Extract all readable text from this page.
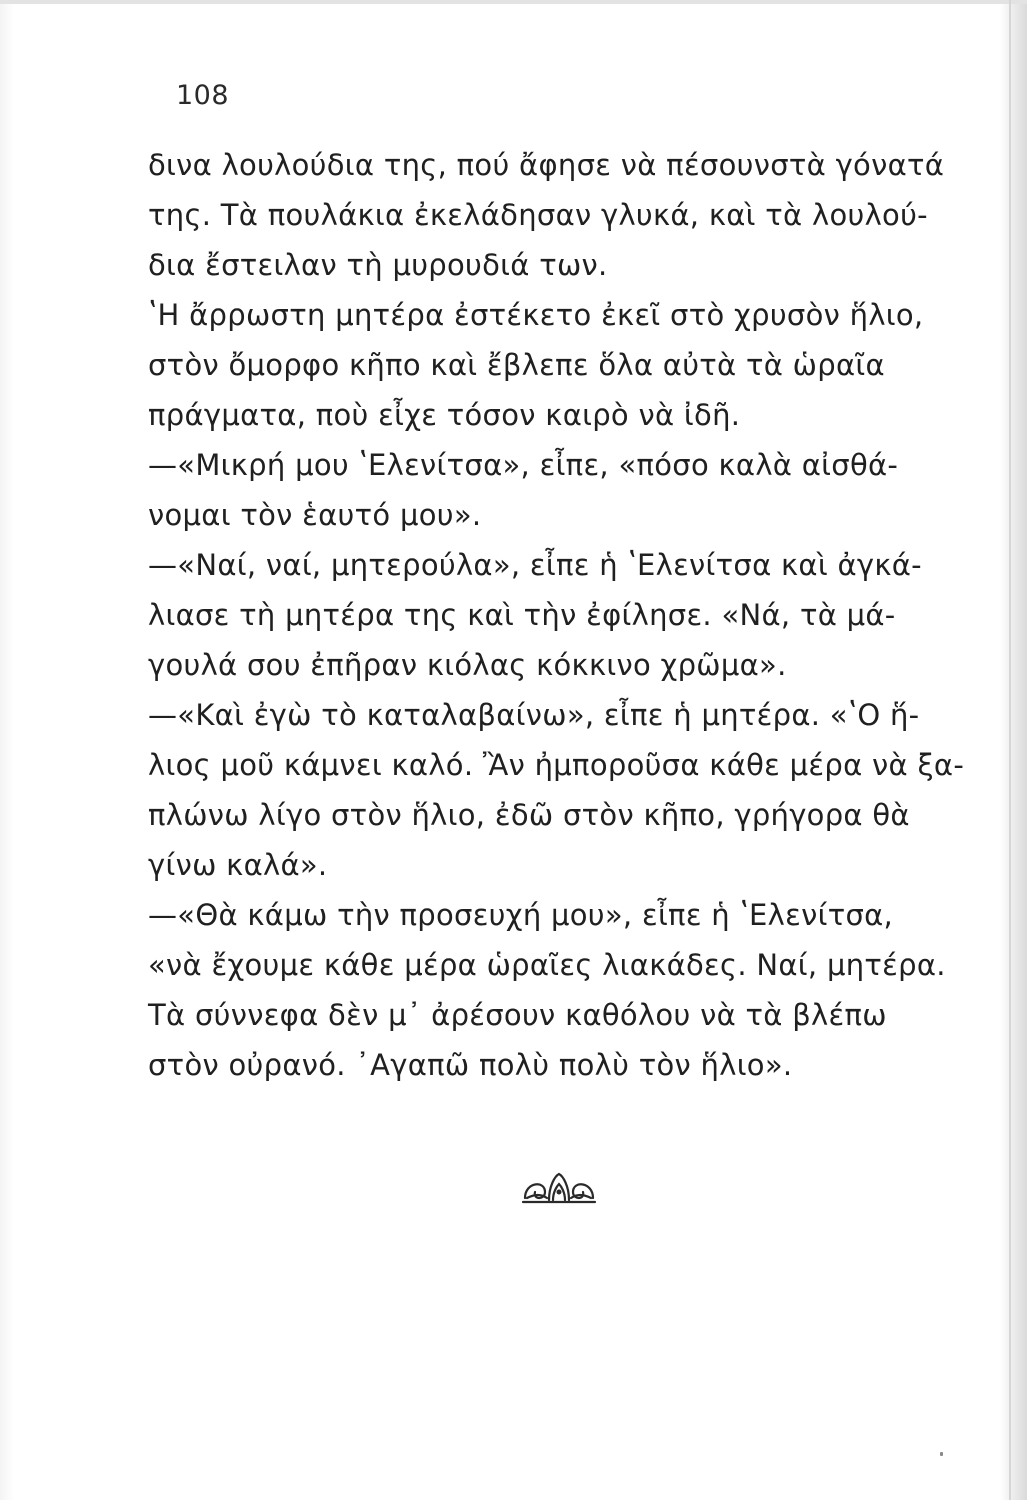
108
δινα λουλούδια της, πού ἄφησε νὰ πέσουνστὰ γόνατά
της. Τὰ πουλάκια ἐκελάδησαν γλυκά, καὶ τὰ λουλού-
δια ἔστειλαν τὴ μυρουδιά των.
ʽΗ ἄρρωστη μητέρα ἐστέκετο ἐκεῖ στὸ χρυσὸν ἥλιο,
στὸν ὄμορφο κῆπο καὶ ἔβλεπε ὅλα αὐτὰ τὰ ὡραῖα
πράγματα, ποὺ εἶχε τόσον καιρὸ νὰ ἰδῆ.
—«Μικρή μου ʽΕλενίτσα», εἶπε, «πόσο καλὰ αἰσθά-
νομαι τὸν ἑαυτό μου».
—«Ναί, ναί, μητερούλα», εἶπε ἡ ʽΕλενίτσα καὶ ἀγκά-
λιασε τὴ μητέρα της καὶ τὴν ἐφίλησε. «Νά, τὰ μά-
γουλά σου ἐπῆραν κιόλας κόκκινο χρῶμα».
—«Καὶ ἐγὼ τὸ καταλαβαίνω», εἶπε ἡ μητέρα. «ʽΟ ἥ-
λιος μοῦ κάμνει καλό. Ἂν ἠμποροῦσα κάθε μέρα νὰ ξα-
πλώνω λίγο στὸν ἥλιο, ἐδῶ στὸν κῆπο, γρήγορα θὰ
γίνω καλά».
—«Θὰ κάμω τὴν προσευχή μου», εἶπε ἡ ʽΕλενίτσα,
«νὰ ἔχουμε κάθε μέρα ὡραῖες λιακάδες. Ναί, μητέρα.
Τὰ σύννεφα δὲν μ᾽ ἀρέσουν καθόλου νὰ τὰ βλέπω
στὸν οὐρανό. ᾽Αγαπῶ πολὺ πολὺ τὸν ἥλιο».
